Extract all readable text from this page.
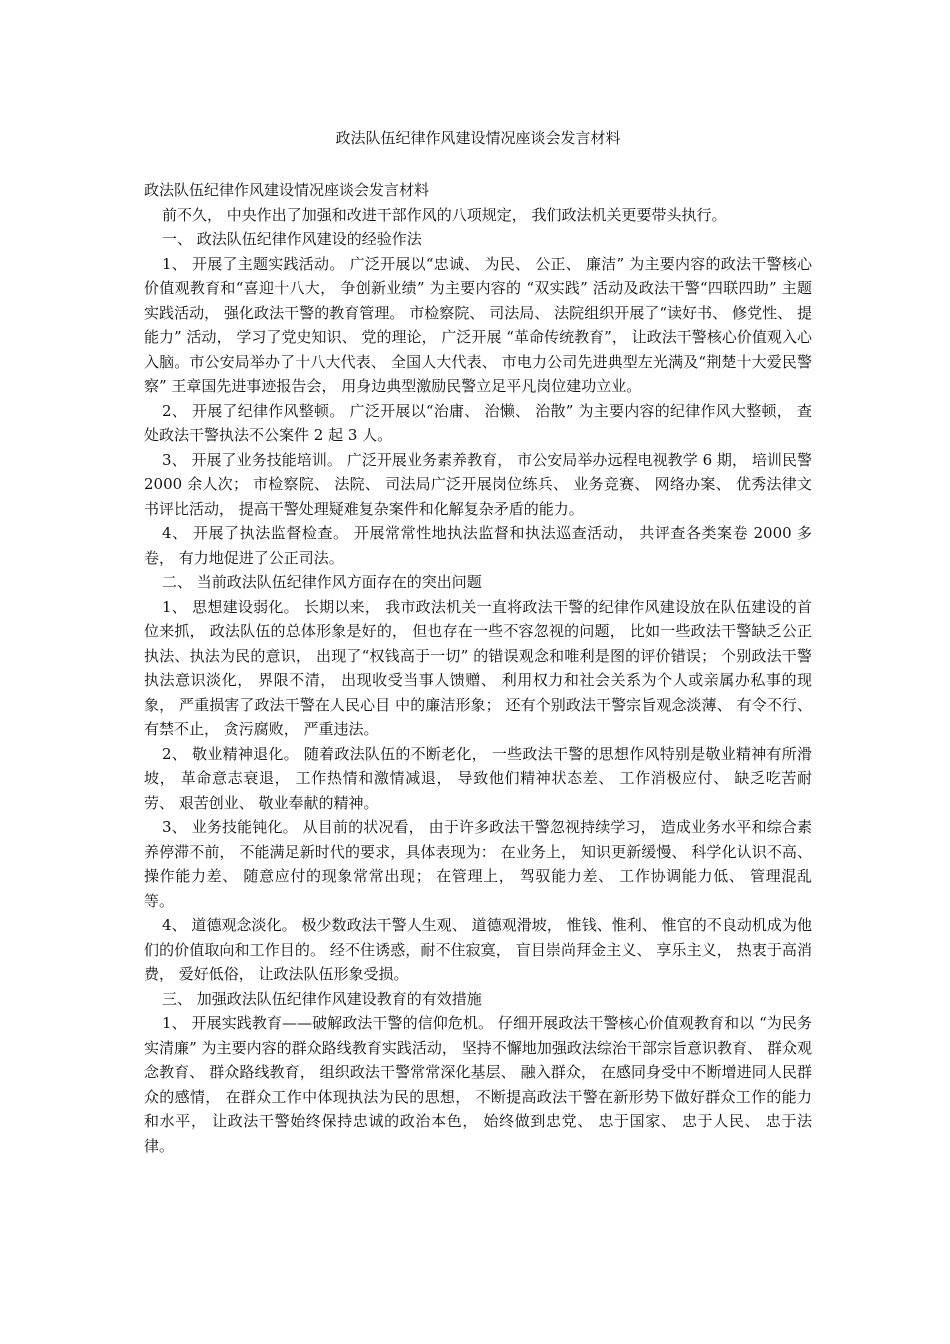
政法队伍纪律作风建设情况座谈会发言材料

政法队伍纪律作风建设情况座谈会发言材料

前不久， 中央作出了加强和改进干部作风的八项规定， 我们政法机关更要带头执行。

一、 政法队伍纪律作风建设的经验作法

1、 开展了主题实践活动。 广泛开展以“忠诚、 为民、 公正、 廉洁” 为主要内容的政法干警核心价值观教育和“喜迎十八大， 争创新业绩” 为主要内容的 “双实践” 活动及政法干警“四联四助” 主题实践活动， 强化政法干警的教育管理。 市检察院、 司法局、 法院组织开展了“读好书、 修党性、 提能力” 活动， 学习了党史知识、 党的理论， 广泛开展 “革命传统教育”， 让政法干警核心价值观入心入脑。市公安局举办了十八大代表、 全国人大代表、 市电力公司先进典型左光满及“荆楚十大爱民警察” 王章国先进事迹报告会， 用身边典型激励民警立足平凡岗位建功立业。

2、 开展了纪律作风整顿。 广泛开展以“治庸、 治懒、 治散” 为主要内容的纪律作风大整顿， 查处政法干警执法不公案件 2 起 3 人。

3、 开展了业务技能培训。 广泛开展业务素养教育， 市公安局举办远程电视教学 6 期， 培训民警 2000 余人次； 市检察院、 法院、 司法局广泛开展岗位练兵、 业务竞赛、 网络办案、 优秀法律文书评比活动， 提高干警处理疑难复杂案件和化解复杂矛盾的能力。

4、 开展了执法监督检查。 开展常常性地执法监督和执法巡查活动， 共评查各类案卷 2000 多卷， 有力地促进了公正司法。

二、 当前政法队伍纪律作风方面存在的突出问题

1、 思想建设弱化。 长期以来， 我市政法机关一直将政法干警的纪律作风建设放在队伍建设的首位来抓， 政法队伍的总体形象是好的， 但也存在一些不容忽视的问题， 比如一些政法干警缺乏公正执法、执法为民的意识， 出现了“权钱高于一切” 的错误观念和唯利是图的评价错误； 个别政法干警执法意识淡化， 界限不清， 出现收受当事人馈赠、 利用权力和社会关系为个人或亲属办私事的现象， 严重损害了政法干警在人民心目 中的廉洁形象； 还有个别政法干警宗旨观念淡薄、 有令不行、 有禁不止， 贪污腐败， 严重违法。

2、 敬业精神退化。 随着政法队伍的不断老化， 一些政法干警的思想作风特别是敬业精神有所滑坡， 革命意志衰退， 工作热情和激情减退， 导致他们精神状态差、 工作消极应付、 缺乏吃苦耐劳、 艰苦创业、 敬业奉献的精神。

3、 业务技能钝化。 从目前的状况看， 由于许多政法干警忽视持续学习， 造成业务水平和综合素养停滞不前， 不能满足新时代的要求，具体表现为： 在业务上， 知识更新缓慢、 科学化认识不高、 操作能力差、 随意应付的现象常常出现； 在管理上， 驾驭能力差、 工作协调能力低、 管理混乱等。

4、 道德观念淡化。 极少数政法干警人生观、 道德观滑坡， 惟钱、惟利、 惟官的不良动机成为他们的价值取向和工作目的。 经不住诱惑，耐不住寂寞， 盲目崇尚拜金主义、 享乐主义， 热衷于高消费， 爱好低俗， 让政法队伍形象受损。

三、 加强政法队伍纪律作风建设教育的有效措施

1、 开展实践教育——破解政法干警的信仰危机。 仔细开展政法干警核心价值观教育和以 “为民务实清廉” 为主要内容的群众路线教育实践活动， 坚持不懈地加强政法综治干部宗旨意识教育、 群众观念教育、 群众路线教育， 组织政法干警常常深化基层、 融入群众， 在感同身受中不断增进同人民群众的感情， 在群众工作中体现执法为民的思想， 不断提高政法干警在新形势下做好群众工作的能力和水平， 让政法干警始终保持忠诚的政治本色， 始终做到忠党、 忠于国家、 忠于人民、 忠于法律。
